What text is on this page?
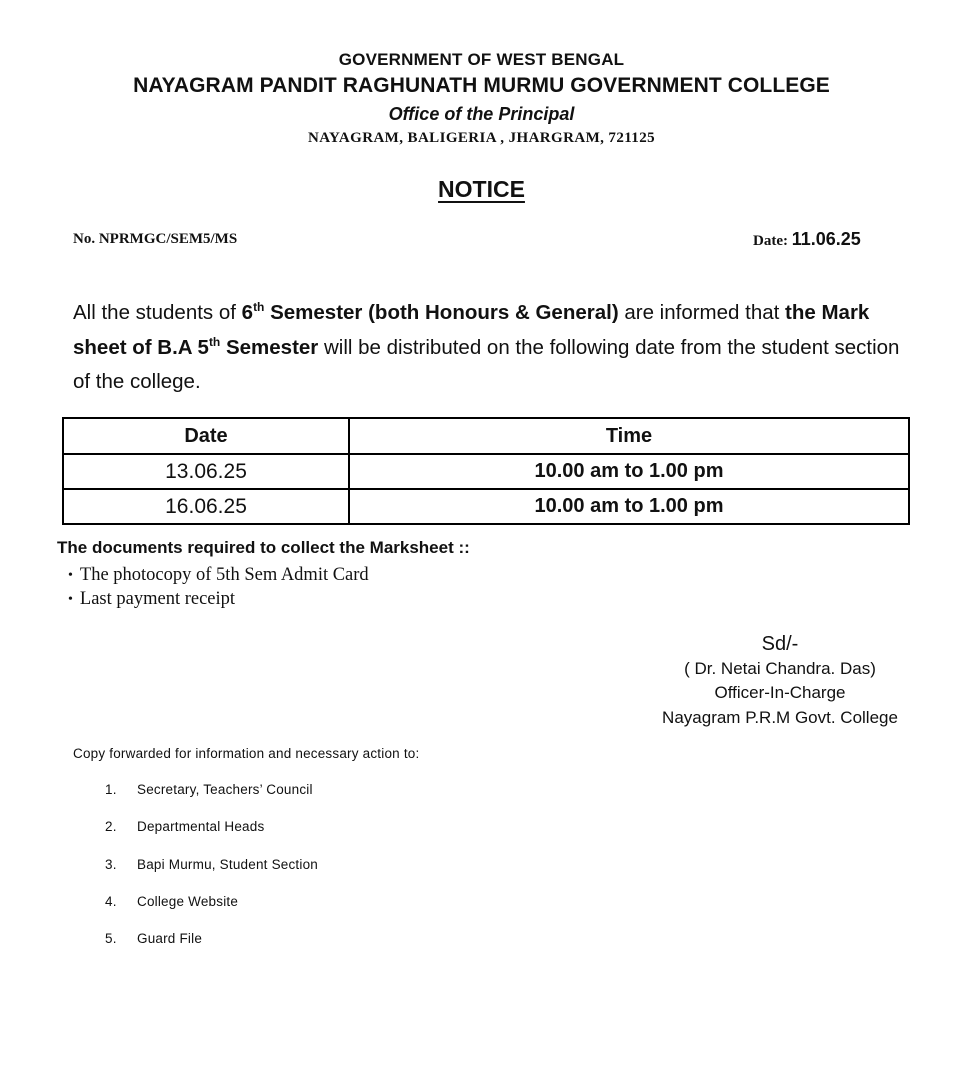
GOVERNMENT OF WEST BENGAL
NAYAGRAM PANDIT RAGHUNATH MURMU GOVERNMENT COLLEGE
Office of the Principal
NAYAGRAM, BALIGERIA , JHARGRAM, 721125
NOTICE
No. NPRMGC/SEM5/MS	Date: 11.06.25
All the students of 6th Semester (both Honours & General) are informed that the Mark sheet of B.A 5th Semester will be distributed on the following date from the student section of the college.
Date	Time
13.06.25	10.00 am to 1.00 pm
16.06.25	10.00 am to 1.00 pm
The documents required to collect the Marksheet ::
• The photocopy of 5th Sem Admit Card
• Last payment receipt
Sd/-
( Dr. Netai Chandra. Das)
Officer-In-Charge
Nayagram P.R.M Govt. College
Copy forwarded for information and necessary action to:
1.	Secretary, Teachers’ Council
2.	Departmental Heads
3.	Bapi Murmu, Student Section
4.	College Website
5.	Guard File
